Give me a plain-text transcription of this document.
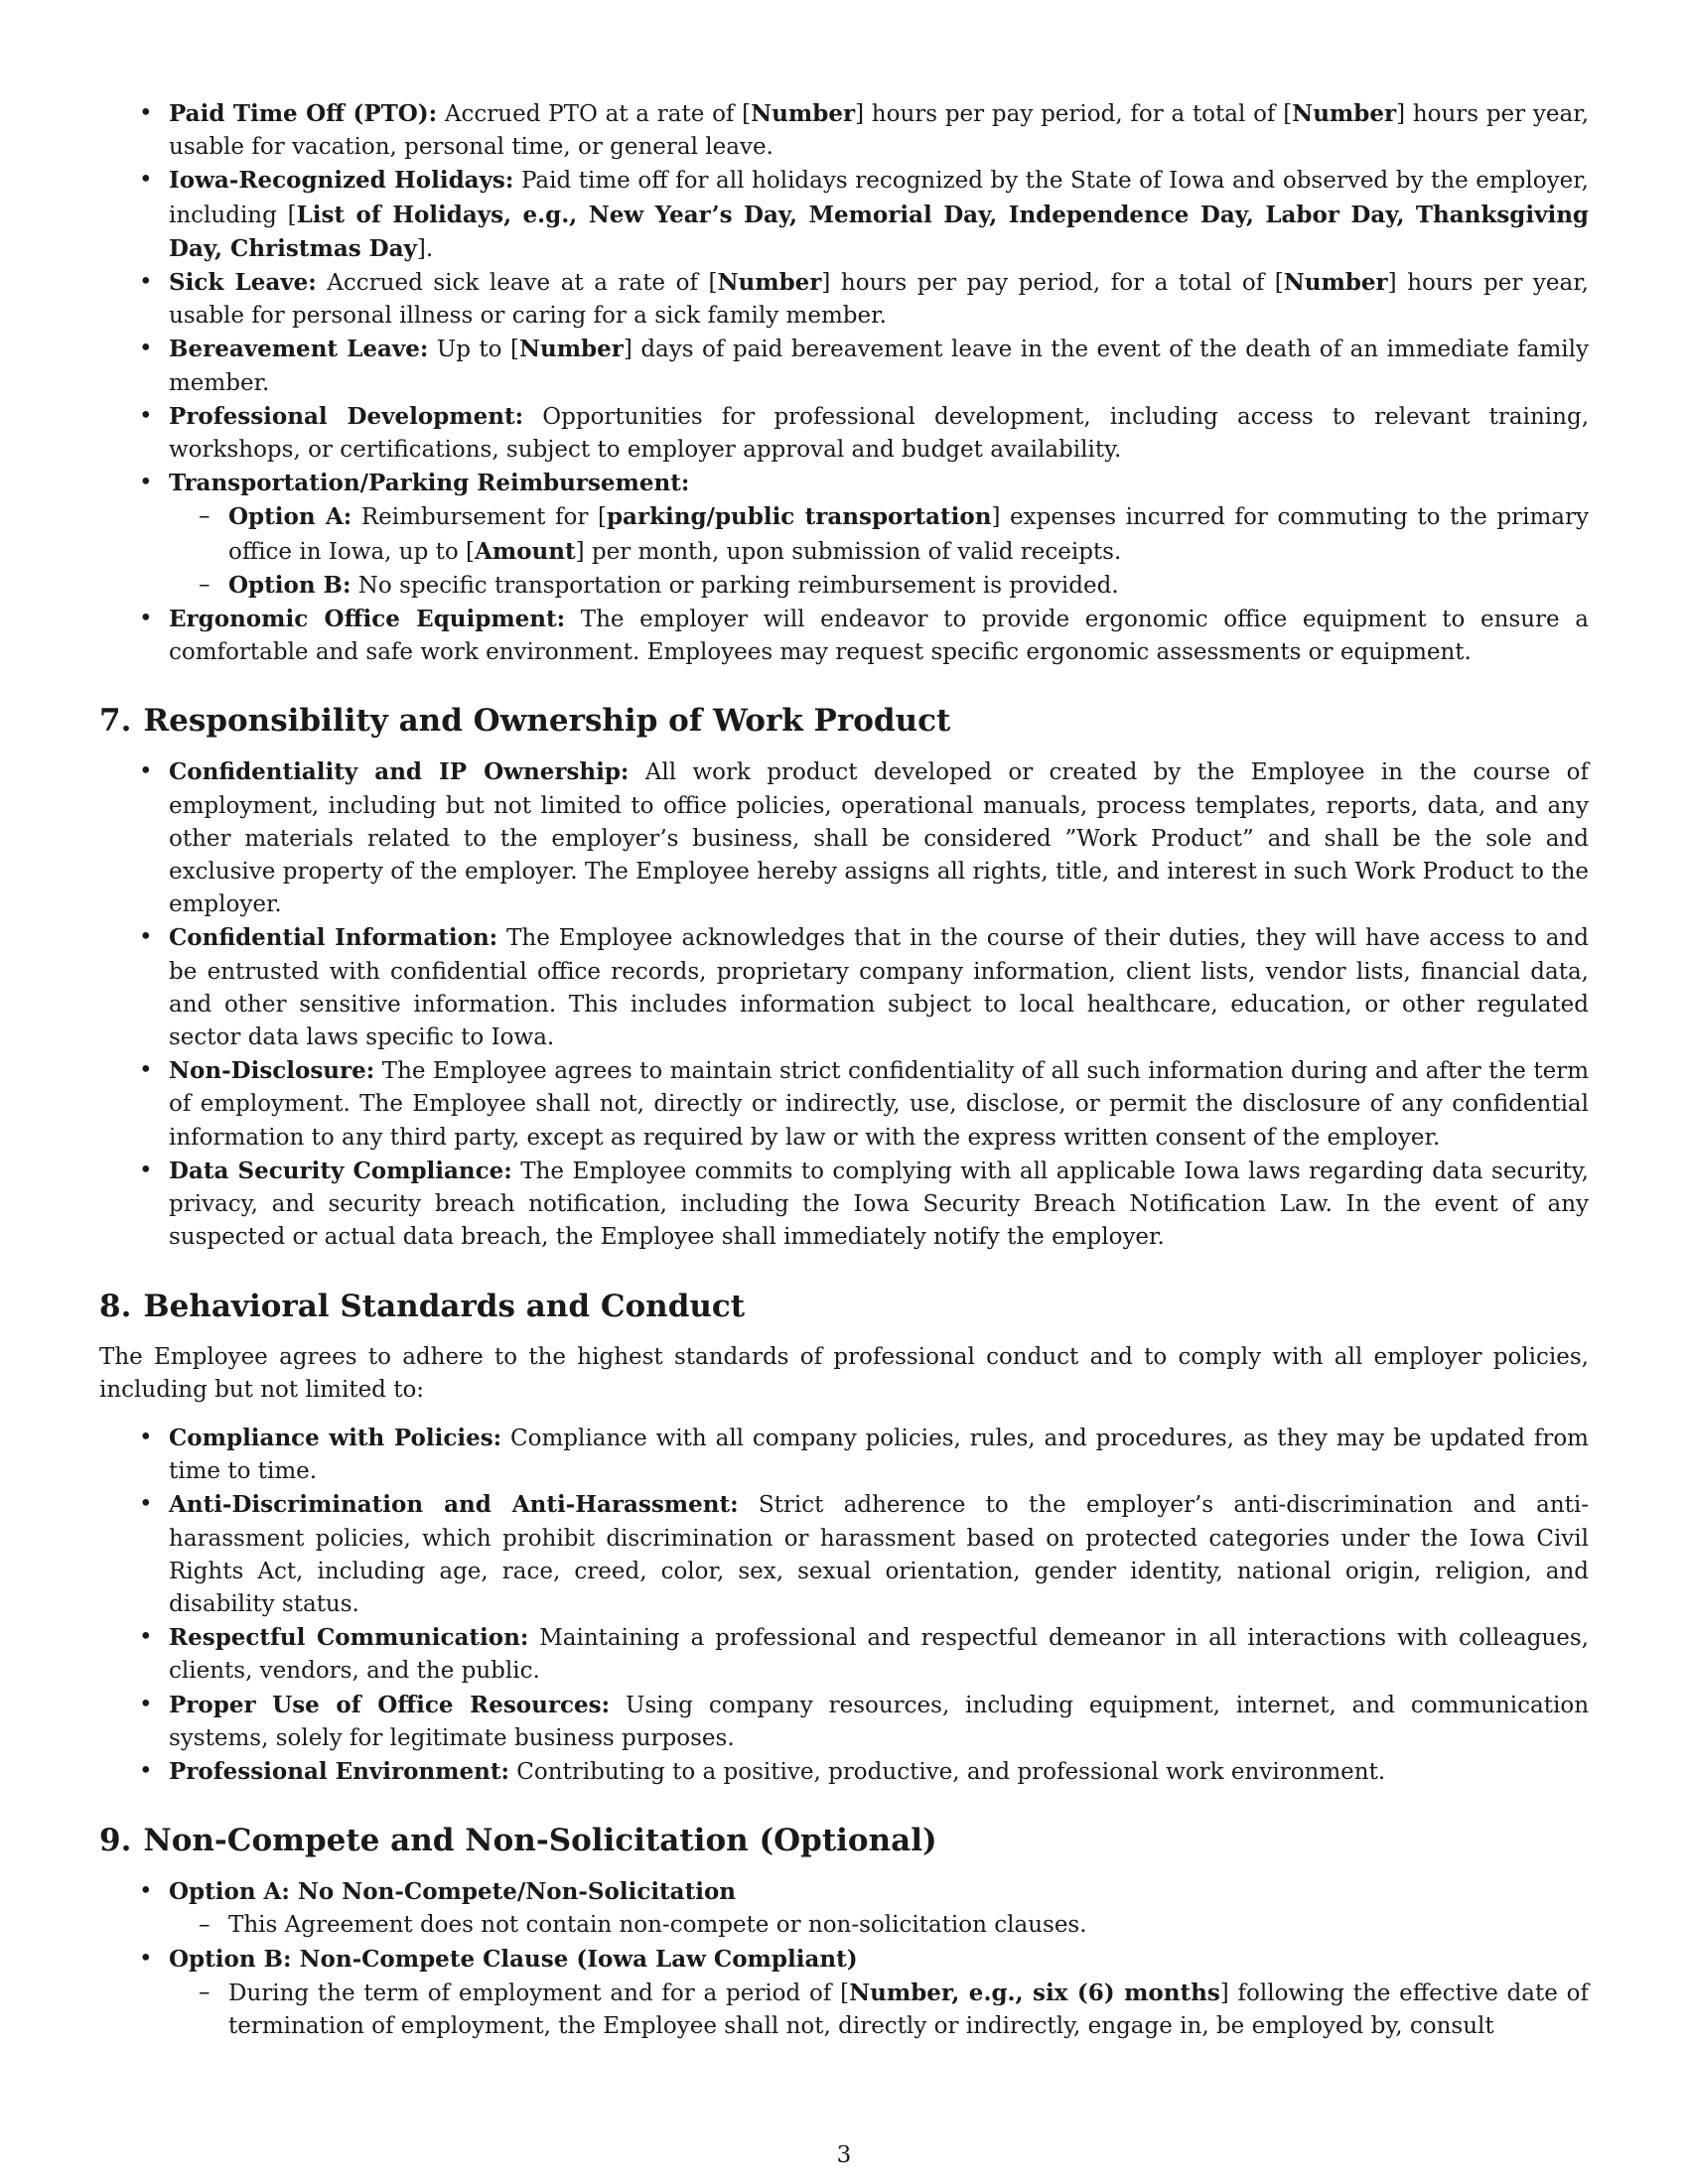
• Paid Time Off (PTO): Accrued PTO at a rate of [Number] hours per pay period, for a total of [Number] hours per year, usable for vacation, personal time, or general leave.
• Iowa-Recognized Holidays: Paid time off for all holidays recognized by the State of Iowa and observed by the employer, including [List of Holidays, e.g., New Year’s Day, Memorial Day, Independence Day, Labor Day, Thanksgiving Day, Christmas Day].
• Sick Leave: Accrued sick leave at a rate of [Number] hours per pay period, for a total of [Number] hours per year, usable for personal illness or caring for a sick family member.
• Bereavement Leave: Up to [Number] days of paid bereavement leave in the event of the death of an immediate family member.
• Professional Development: Opportunities for professional development, including access to relevant training, workshops, or certifications, subject to employer approval and budget availability.
• Transportation/Parking Reimbursement:
– Option A: Reimbursement for [parking/public transportation] expenses incurred for commuting to the primary office in Iowa, up to [Amount] per month, upon submission of valid receipts.
– Option B: No specific transportation or parking reimbursement is provided.
• Ergonomic Office Equipment: The employer will endeavor to provide ergonomic office equipment to ensure a comfortable and safe work environment. Employees may request specific ergonomic assessments or equipment.
7. Responsibility and Ownership of Work Product
• Confidentiality and IP Ownership: All work product developed or created by the Employee in the course of employment, including but not limited to office policies, operational manuals, process templates, reports, data, and any other materials related to the employer’s business, shall be considered ”Work Product” and shall be the sole and exclusive property of the employer. The Employee hereby assigns all rights, title, and interest in such Work Product to the employer.
• Confidential Information: The Employee acknowledges that in the course of their duties, they will have access to and be entrusted with confidential office records, proprietary company information, client lists, vendor lists, financial data, and other sensitive information. This includes information subject to local healthcare, education, or other regulated sector data laws specific to Iowa.
• Non-Disclosure: The Employee agrees to maintain strict confidentiality of all such information during and after the term of employment. The Employee shall not, directly or indirectly, use, disclose, or permit the disclosure of any confidential information to any third party, except as required by law or with the express written consent of the employer.
• Data Security Compliance: The Employee commits to complying with all applicable Iowa laws regarding data security, privacy, and security breach notification, including the Iowa Security Breach Notification Law. In the event of any suspected or actual data breach, the Employee shall immediately notify the employer.
8. Behavioral Standards and Conduct

The Employee agrees to adhere to the highest standards of professional conduct and to comply with all employer policies, including but not limited to:

• Compliance with Policies: Compliance with all company policies, rules, and procedures, as they may be updated from time to time.
• Anti-Discrimination and Anti-Harassment: Strict adherence to the employer’s anti-discrimination and anti-harassment policies, which prohibit discrimination or harassment based on protected categories under the Iowa Civil Rights Act, including age, race, creed, color, sex, sexual orientation, gender identity, national origin, religion, and disability status.
• Respectful Communication: Maintaining a professional and respectful demeanor in all interactions with colleagues, clients, vendors, and the public.
• Proper Use of Office Resources: Using company resources, including equipment, internet, and communication systems, solely for legitimate business purposes.
• Professional Environment: Contributing to a positive, productive, and professional work environment.
9. Non-Compete and Non-Solicitation (Optional)
• Option A: No Non-Compete/Non-Solicitation
– This Agreement does not contain non-compete or non-solicitation clauses.
• Option B: Non-Compete Clause (Iowa Law Compliant)
– During the term of employment and for a period of [Number, e.g., six (6) months] following the effective date of termination of employment, the Employee shall not, directly or indirectly, engage in, be employed by, consult
3
